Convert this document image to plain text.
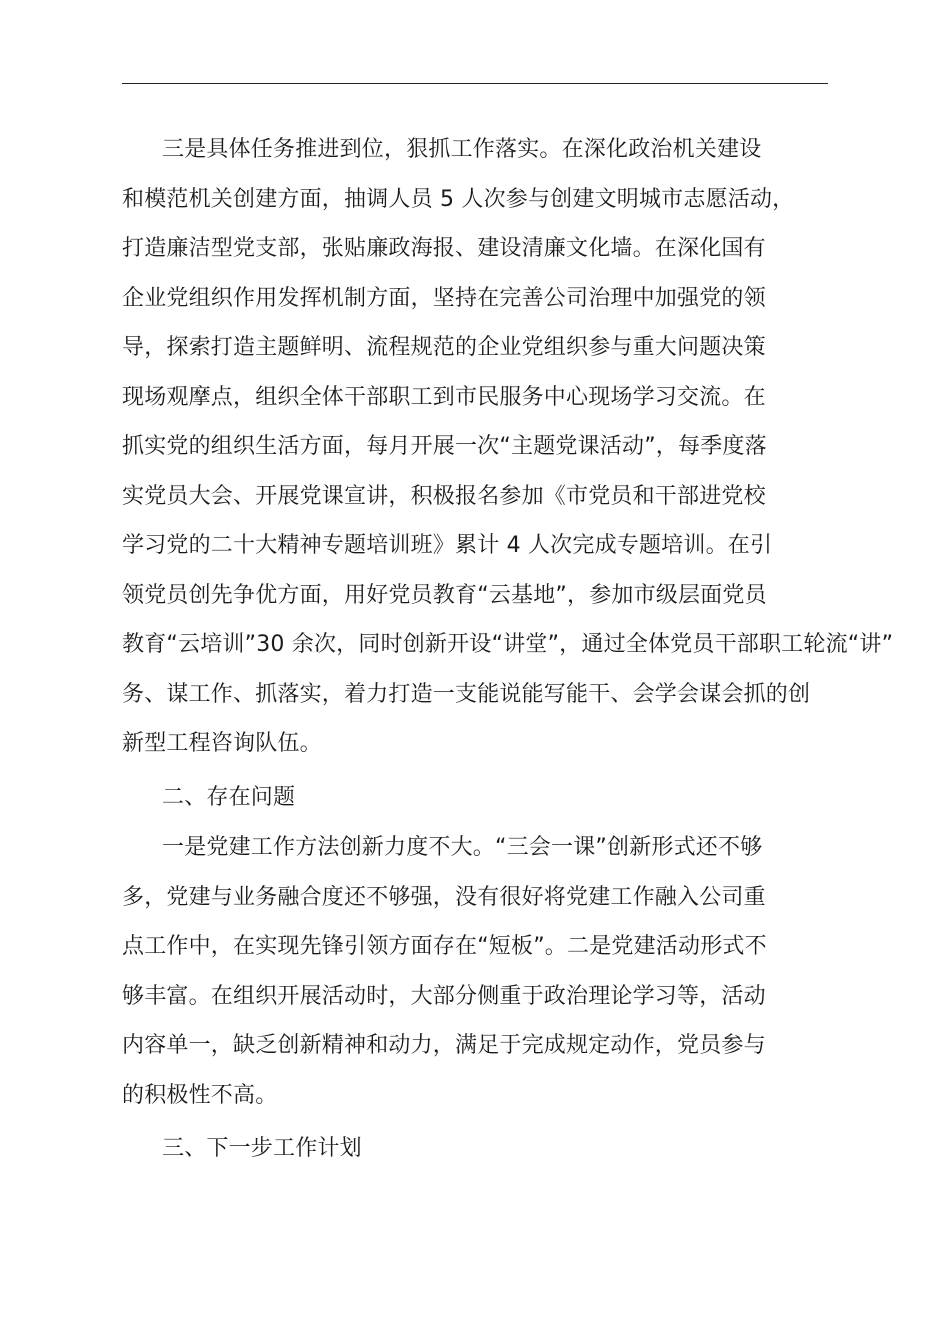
三是具体任务推进到位，狠抓工作落实。在深化政治机关建设
和模范机关创建方面，抽调人员 5 人次参与创建文明城市志愿活动，
打造廉洁型党支部，张贴廉政海报、建设清廉文化墙。在深化国有
企业党组织作用发挥机制方面，坚持在完善公司治理中加强党的领
导，探索打造主题鲜明、流程规范的企业党组织参与重大问题决策
现场观摩点，组织全体干部职工到市民服务中心现场学习交流。在
抓实党的组织生活方面，每月开展一次“主题党课活动”，每季度落
实党员大会、开展党课宣讲，积极报名参加《市党员和干部进党校
学习党的二十大精神专题培训班》累计 4 人次完成专题培训。在引
领党员创先争优方面，用好党员教育“云基地”，参加市级层面党员
教育“云培训”30 余次，同时创新开设“讲堂”，通过全体党员干部职工轮流“讲”
务、谋工作、抓落实，着力打造一支能说能写能干、会学会谋会抓的创
新型工程咨询队伍。
二、存在问题
一是党建工作方法创新力度不大。“三会一课”创新形式还不够
多，党建与业务融合度还不够强，没有很好将党建工作融入公司重
点工作中，在实现先锋引领方面存在“短板”。二是党建活动形式不
够丰富。在组织开展活动时，大部分侧重于政治理论学习等，活动
内容单一，缺乏创新精神和动力，满足于完成规定动作，党员参与
的积极性不高。
三、下一步工作计划
